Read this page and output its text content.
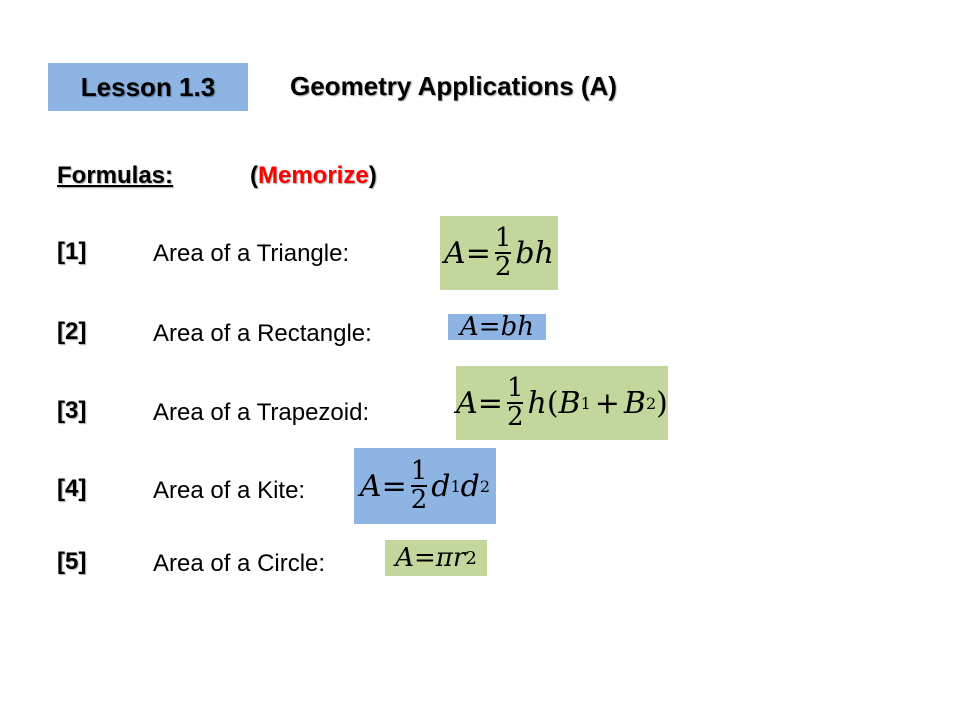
Lesson 1.3	Geometry Applications (A)
Formulas:	(Memorize)
[1]	Area of a Triangle:	$A = \frac{1}{2}$ bh
[2]	Area of a Rectangle:	A = bh
[3]	Area of a Trapezoid:	$A = \frac{1}{2}$ h ( B 1 + B 2 )
[4]	Area of a Kite: $A = \frac{1}{2}$ d 1 d 2
[5]	Area of a Circle:	A = π r 2
